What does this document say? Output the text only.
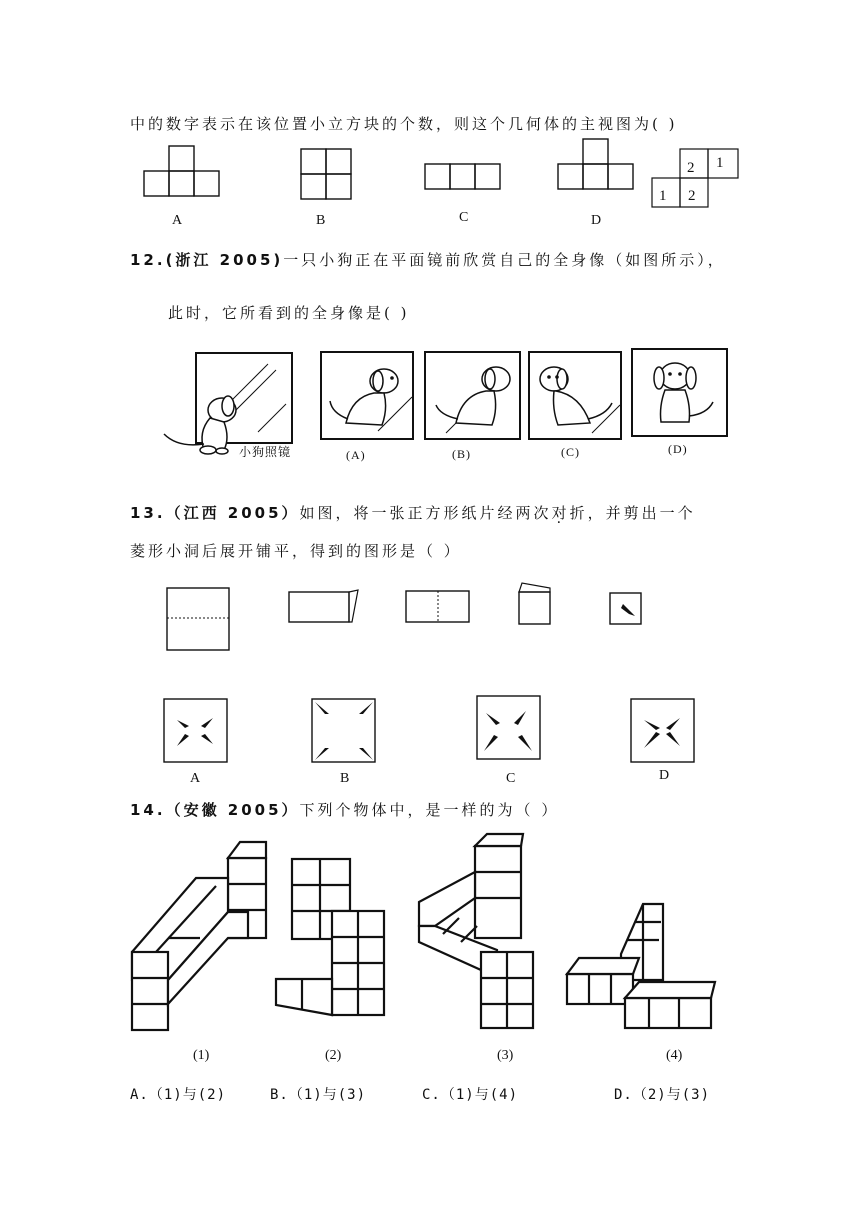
中的数字表示在该位置小立方块的个数，则这个几何体的主视图为( )
A	B	C	D
2 1
1 2
12.(浙江 2005)一只小狗正在平面镜前欣赏自己的全身像（如图所示），
此时，它所看到的全身像是( )
小狗照镜	(A)	(B)	(C)	(D)
13.（江西 2005）如图，将一张正方形纸片经两次对折，并剪出一个
菱形小洞后展开铺平，得到的图形是（ ）
A	B	C	D
14.（安徽 2005）下列个物体中，是一样的为（ ）
(1)	(2)	(3)	(4)
A.（1)与(2)	B.（1)与(3)	C.（1)与(4)	D.（2)与(3)
